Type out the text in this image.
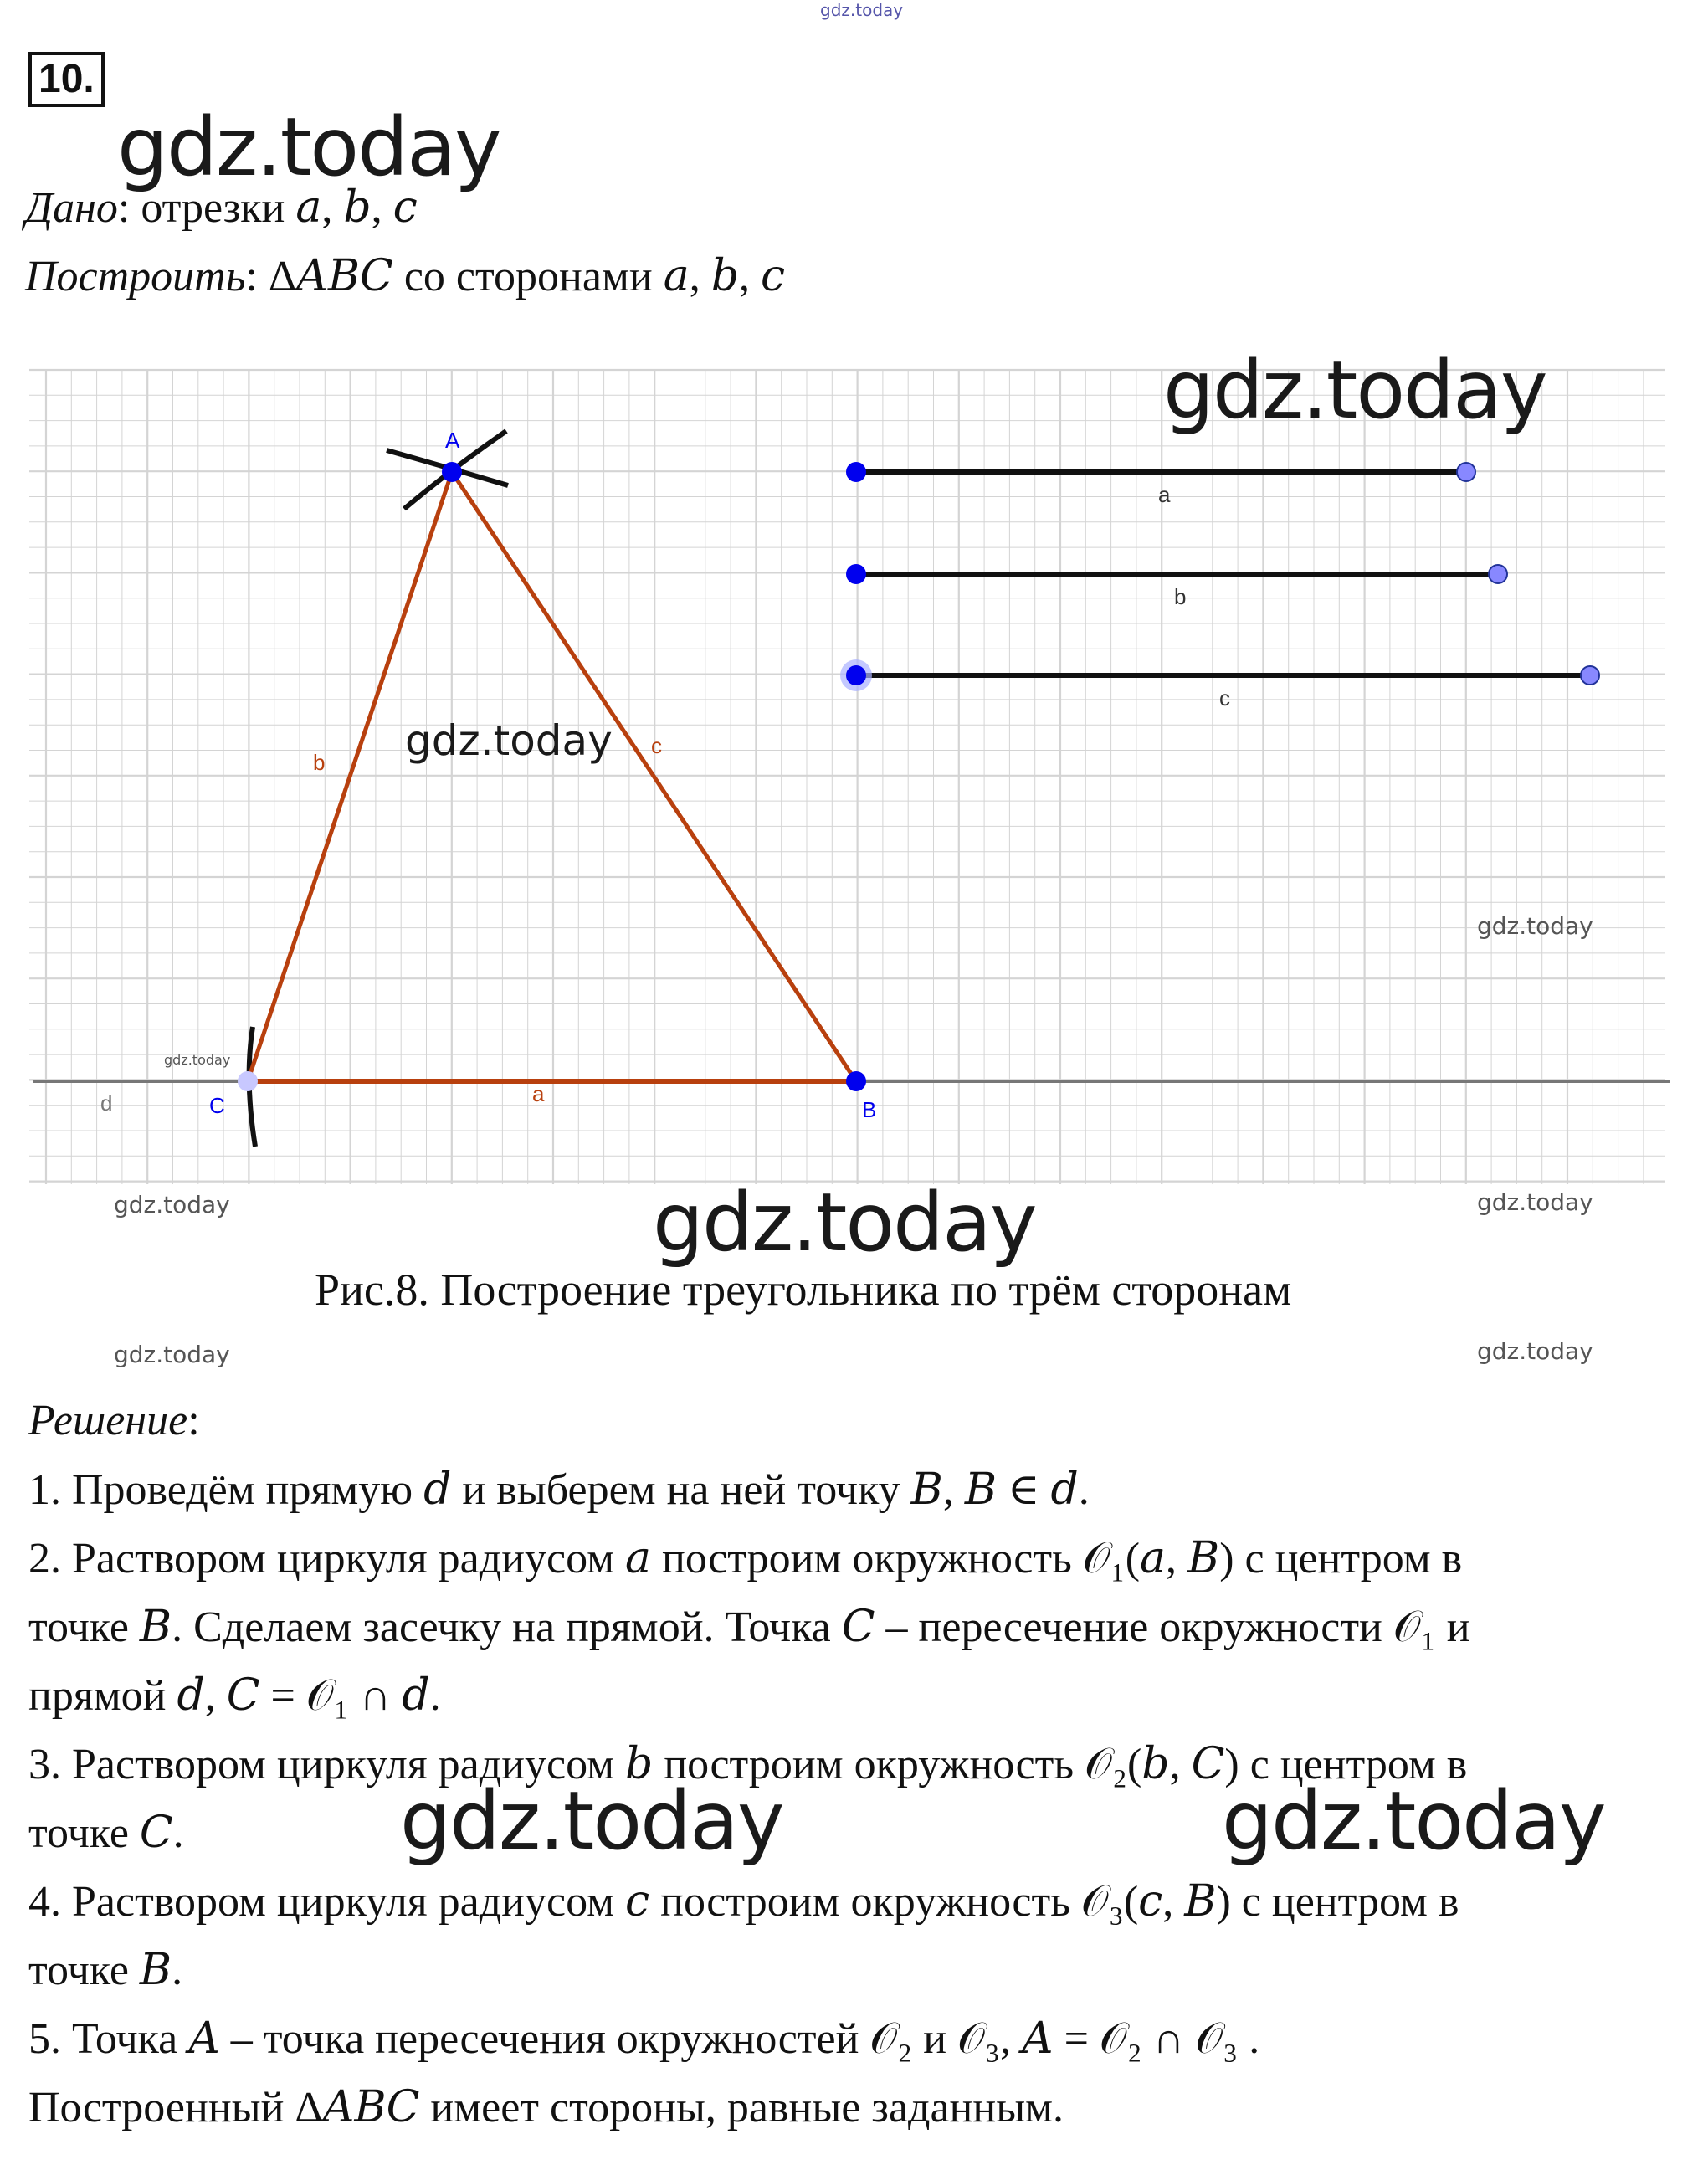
gdz.today
10.
gdz.today
Дано: отрезки 𝑎, 𝑏, 𝑐
Построить: Δ𝐴𝐵𝐶 со сторонами 𝑎, 𝑏, 𝑐
A
B
C
b
c
a
d
a
b
c
gdz.today
gdz.today
gdz.today
gdz.today
gdz.today	gdz.today
gdz.today
Рис.8. Построение треугольника по трём сторонам
gdz.today	gdz.today
Решение:
1. Проведём прямую 𝑑 и выберем на ней точку 𝐵, 𝐵 ∈ 𝑑.
2. Раствором циркуля радиусом 𝑎 построим окружность 𝒪₁(𝑎, 𝐵) с центром в
точке 𝐵. Сделаем засечку на прямой. Точка 𝐶 – пересечение окружности 𝒪₁ и
прямой 𝑑, 𝐶 = 𝒪₁ ∩ 𝑑.
3. Раствором циркуля радиусом 𝑏 построим окружность 𝒪₂(𝑏, 𝐶) с центром в
точке 𝐶.
4. Раствором циркуля радиусом 𝑐 построим окружность 𝒪₃(𝑐, 𝐵) с центром в
точке 𝐵.
5. Точка 𝐴 – точка пересечения окружностей 𝒪₂ и 𝒪₃, 𝐴 = 𝒪₂ ∩ 𝒪₃ .
Построенный Δ𝐴𝐵𝐶 имеет стороны, равные заданным.
gdz.today	gdz.today
